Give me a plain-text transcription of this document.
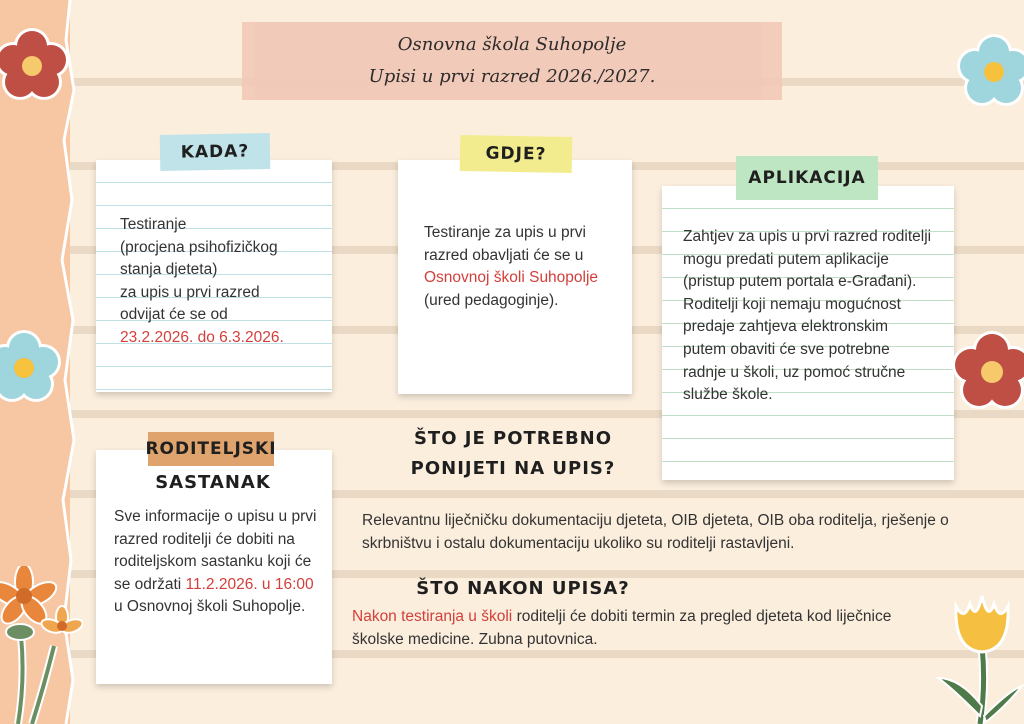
Osnovna škola Suhopolje
Upisi u prvi razred 2026./2027.
KADA?
Testiranje
(procjena psihofizičkog
stanja djeteta)
za upis u prvi razred
odvijat će se od
23.2.2026. do 6.3.2026.
GDJE?
Testiranje za upis u prvi razred obavljati će se u Osnovnoj školi Suhopolje (ured pedagoginje).
APLIKACIJA
Zahtjev za upis u prvi razred roditelji mogu predati putem aplikacije (pristup putem portala e-Građani). Roditelji koji nemaju mogućnost predaje zahtjeva elektronskim putem obaviti će sve potrebne radnje u školi, uz pomoć stručne službe škole.
RODITELJSKI
SASTANAK
Sve informacije o upisu u prvi razred roditelji će dobiti na roditeljskom sastanku koji će se održati 11.2.2026. u 16:00 u Osnovnoj školi Suhopolje.
ŠTO JE POTREBNO
PONIJETI NA UPIS?
Relevantnu liječničku dokumentaciju djeteta, OIB djeteta, OIB oba roditelja, rješenje o skrbništvu i ostalu dokumentaciju ukoliko su roditelji rastavljeni.
ŠTO NAKON UPISA?
Nakon testiranja u školi roditelji će dobiti termin za pregled djeteta kod liječnice školske medicine. Zubna putovnica.
